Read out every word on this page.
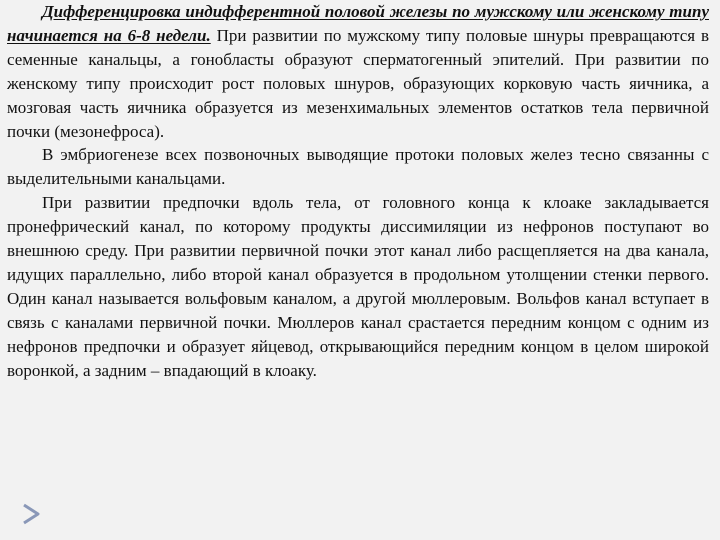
Дифференцировка индифферентной половой железы по мужскому или женскому типу начинается на 6-8 недели. При развитии по мужскому типу половые шнуры превращаются в семенные канальцы, а гонобласты образуют сперматогенный эпителий. При развитии по женскому типу происходит рост половых шнуров, образующих корковую часть яичника, а мозговая часть яичника образуется из мезенхимальных элементов остатков тела первичной почки (мезонефроса).

В эмбриогенезе всех позвоночных выводящие протоки половых желез тесно связанны с выделительными канальцами.

При развитии предпочки вдоль тела, от головного конца к клоаке закладывается пронефрический канал, по которому продукты диссимиляции из нефронов поступают во внешнюю среду. При развитии первичной почки этот канал либо расщепляется на два канала, идущих параллельно, либо второй канал образуется в продольном утолщении стенки первого. Один канал называется вольфовым каналом, а другой мюллеровым. Вольфов канал вступает в связь с каналами первичной почки. Мюллеров канал срастается передним концом с одним из нефронов предпочки и образует яйцевод, открывающийся передним концом в целом широкой воронкой, а задним – впадающий в клоаку.
